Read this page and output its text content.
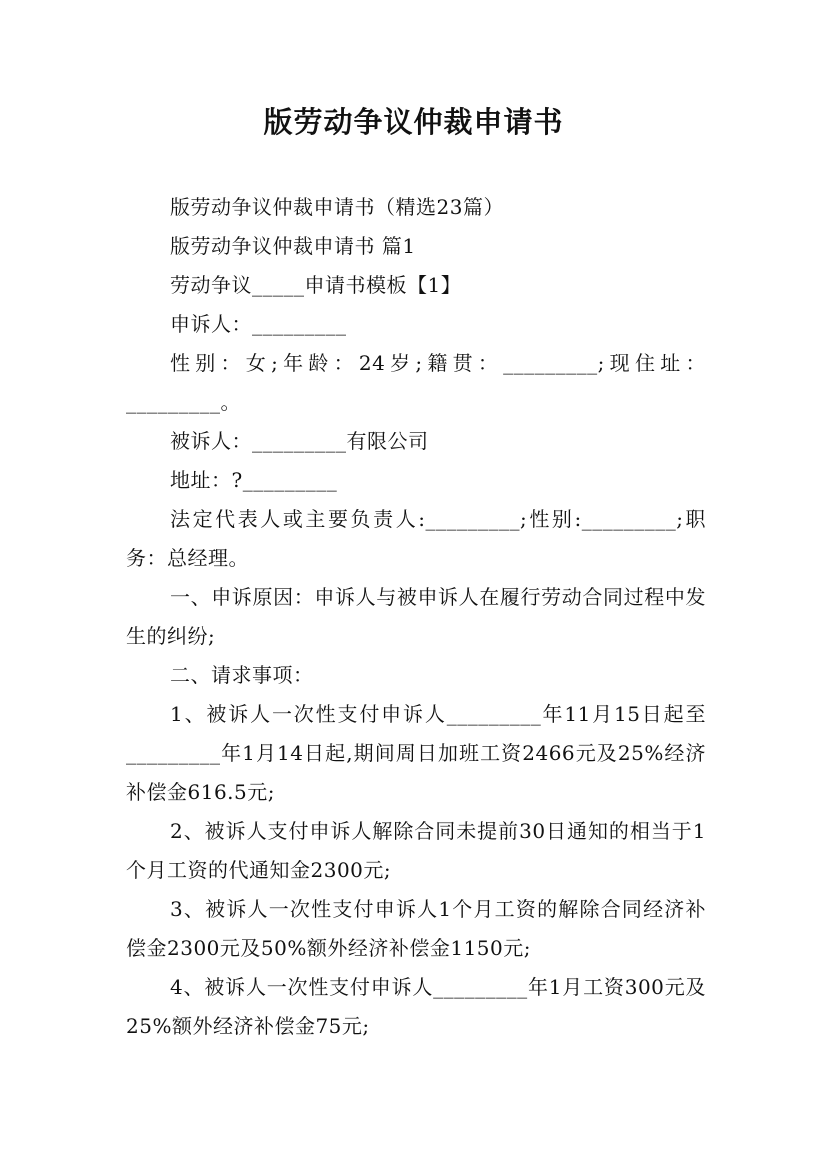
版劳动争议仲裁申请书

版劳动争议仲裁申请书（精选23篇）

版劳动争议仲裁申请书 篇1

劳动争议_____申请书模板【1】

申诉人：_________

性别：女;年龄：24岁;籍贯：_________;现住址：_________。

被诉人：_________有限公司

地址：?_________

法定代表人或主要负责人:_________;性别:_________;职务：总经理。

一、申诉原因：申诉人与被申诉人在履行劳动合同过程中发生的纠纷;

二、请求事项：

1、被诉人一次性支付申诉人_________年11月15日起至_________年1月14日起,期间周日加班工资2466元及25%经济补偿金616.5元;

2、被诉人支付申诉人解除合同未提前30日通知的相当于1个月工资的代通知金2300元;

3、被诉人一次性支付申诉人1个月工资的解除合同经济补偿金2300元及50%额外经济补偿金1150元;

4、被诉人一次性支付申诉人_________年1月工资300元及25%额外经济补偿金75元;
